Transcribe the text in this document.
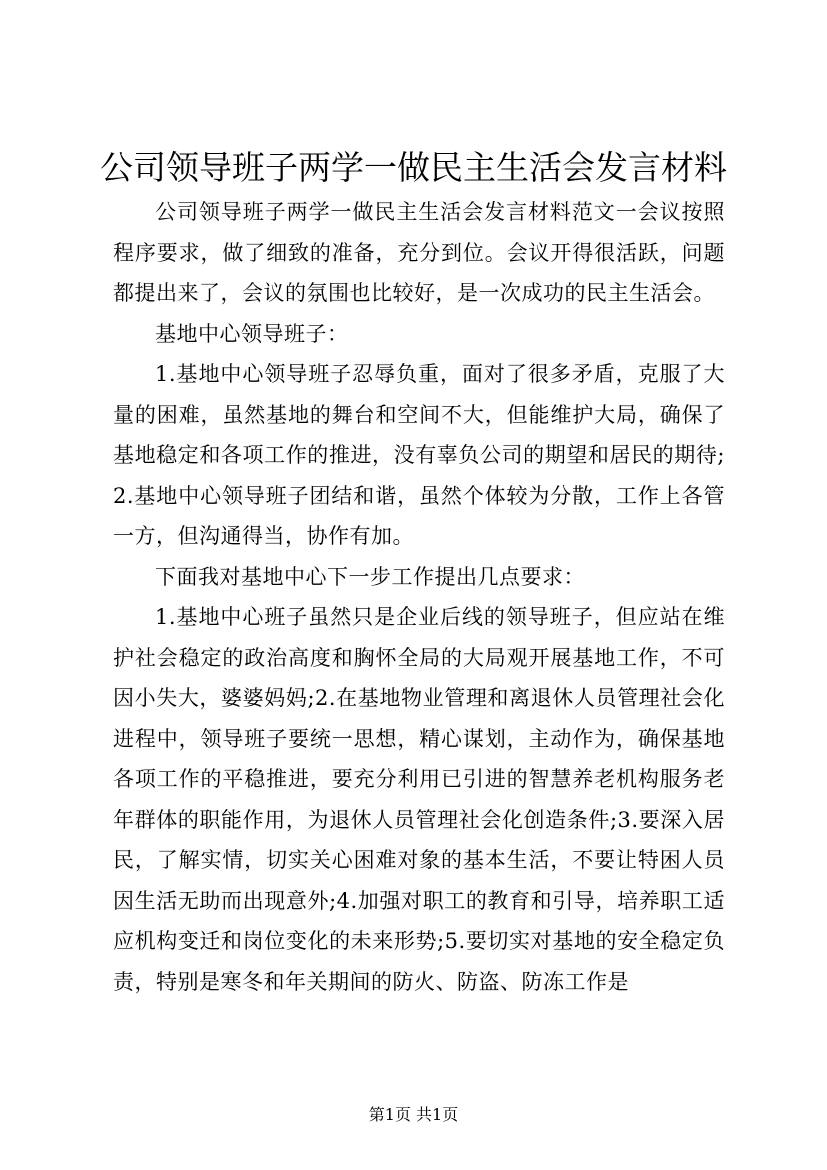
公司领导班子两学一做民主生活会发言材料

公司领导班子两学一做民主生活会发言材料范文一会议按照程序要求，做了细致的准备，充分到位。会议开得很活跃，问题都提出来了，会议的氛围也比较好，是一次成功的民主生活会。

基地中心领导班子：

1.基地中心领导班子忍辱负重，面对了很多矛盾，克服了大量的困难，虽然基地的舞台和空间不大，但能维护大局，确保了基地稳定和各项工作的推进，没有辜负公司的期望和居民的期待;2.基地中心领导班子团结和谐，虽然个体较为分散，工作上各管一方，但沟通得当，协作有加。

下面我对基地中心下一步工作提出几点要求：

1.基地中心班子虽然只是企业后线的领导班子，但应站在维护社会稳定的政治高度和胸怀全局的大局观开展基地工作，不可因小失大，婆婆妈妈;2.在基地物业管理和离退休人员管理社会化进程中，领导班子要统一思想，精心谋划，主动作为，确保基地各项工作的平稳推进，要充分利用已引进的智慧养老机构服务老年群体的职能作用，为退休人员管理社会化创造条件;3.要深入居民，了解实情，切实关心困难对象的基本生活，不要让特困人员因生活无助而出现意外;4.加强对职工的教育和引导，培养职工适应机构变迁和岗位变化的未来形势;5.要切实对基地的安全稳定负责，特别是寒冬和年关期间的防火、防盗、防冻工作是

第1页 共1页
